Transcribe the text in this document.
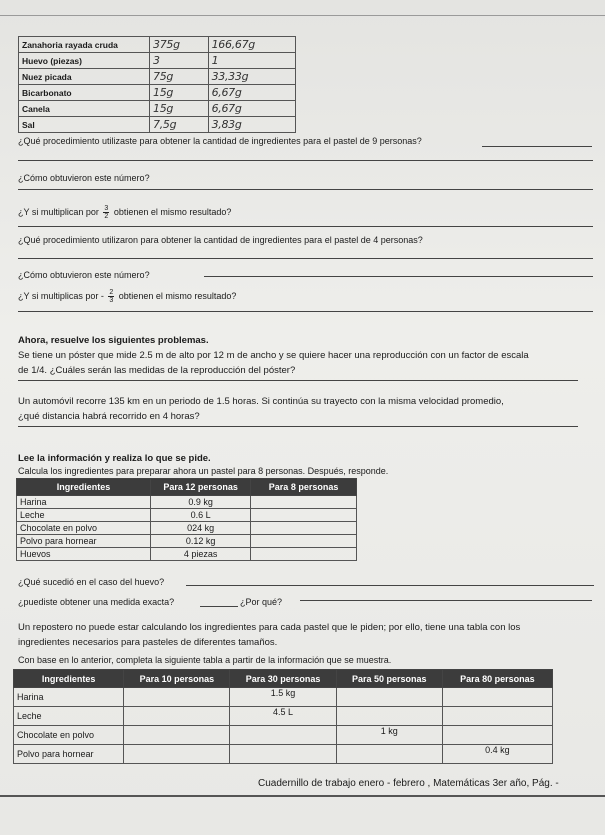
Zanahoria rayada cruda	375g	166,67g
Huevo (piezas)	3	1
Nuez picada	75g	33,33g
Bicarbonato	15g	6,67g
Canela	15g	6,67g
Sal	7,5g	3,83g
¿Qué procedimiento utilizaste para obtener la cantidad de ingredientes para el pastel de 9 personas?
¿Cómo obtuvieron este número?
¿Y si multiplican por $\frac{3}{2}$ obtienen el mismo resultado?
¿Qué procedimiento utilizaron para obtener la cantidad de ingredientes para el pastel de 4 personas?
¿Cómo obtuvieron este número?
¿Y si multiplicas por - $\frac{2}{3}$ obtienen el mismo resultado?
Ahora, resuelve los siguientes problemas.
Se tiene un póster que mide 2.5 m de alto por 12 m de ancho y se quiere hacer una reproducción con un factor de escala
de 1/4. ¿Cuáles serán las medidas de la reproducción del póster?
Un automóvil recorre 135 km en un periodo de 1.5 horas. Si continúa su trayecto con la misma velocidad promedio,
¿qué distancia habrá recorrido en 4 horas?
Lee la información y realiza lo que se pide.
Calcula los ingredientes para preparar ahora un pastel para 8 personas. Después, responde.
Ingredientes	Para 12 personas	Para 8 personas
Harina	0.9 kg	
Leche	0.6 L	
Chocolate en polvo	024 kg	
Polvo para hornear	0.12 kg	
Huevos	4 piezas	
¿Qué sucedió en el caso del huevo?
¿puediste obtener una medida exacta?	¿Por qué?
Un repostero no puede estar calculando los ingredientes para cada pastel que le piden; por ello, tiene una tabla con los
ingredientes necesarios para pasteles de diferentes tamaños.
Con base en lo anterior, completa la siguiente tabla a partir de la información que se muestra.
Ingredientes	Para 10 personas	Para 30 personas	Para 50 personas	Para 80 personas
Harina		1.5 kg		
Leche		4.5 L		
Chocolate en polvo			1 kg	
Polvo para hornear				0.4 kg
Cuadernillo de trabajo enero - febrero , Matemáticas 3er año, Pág. -
